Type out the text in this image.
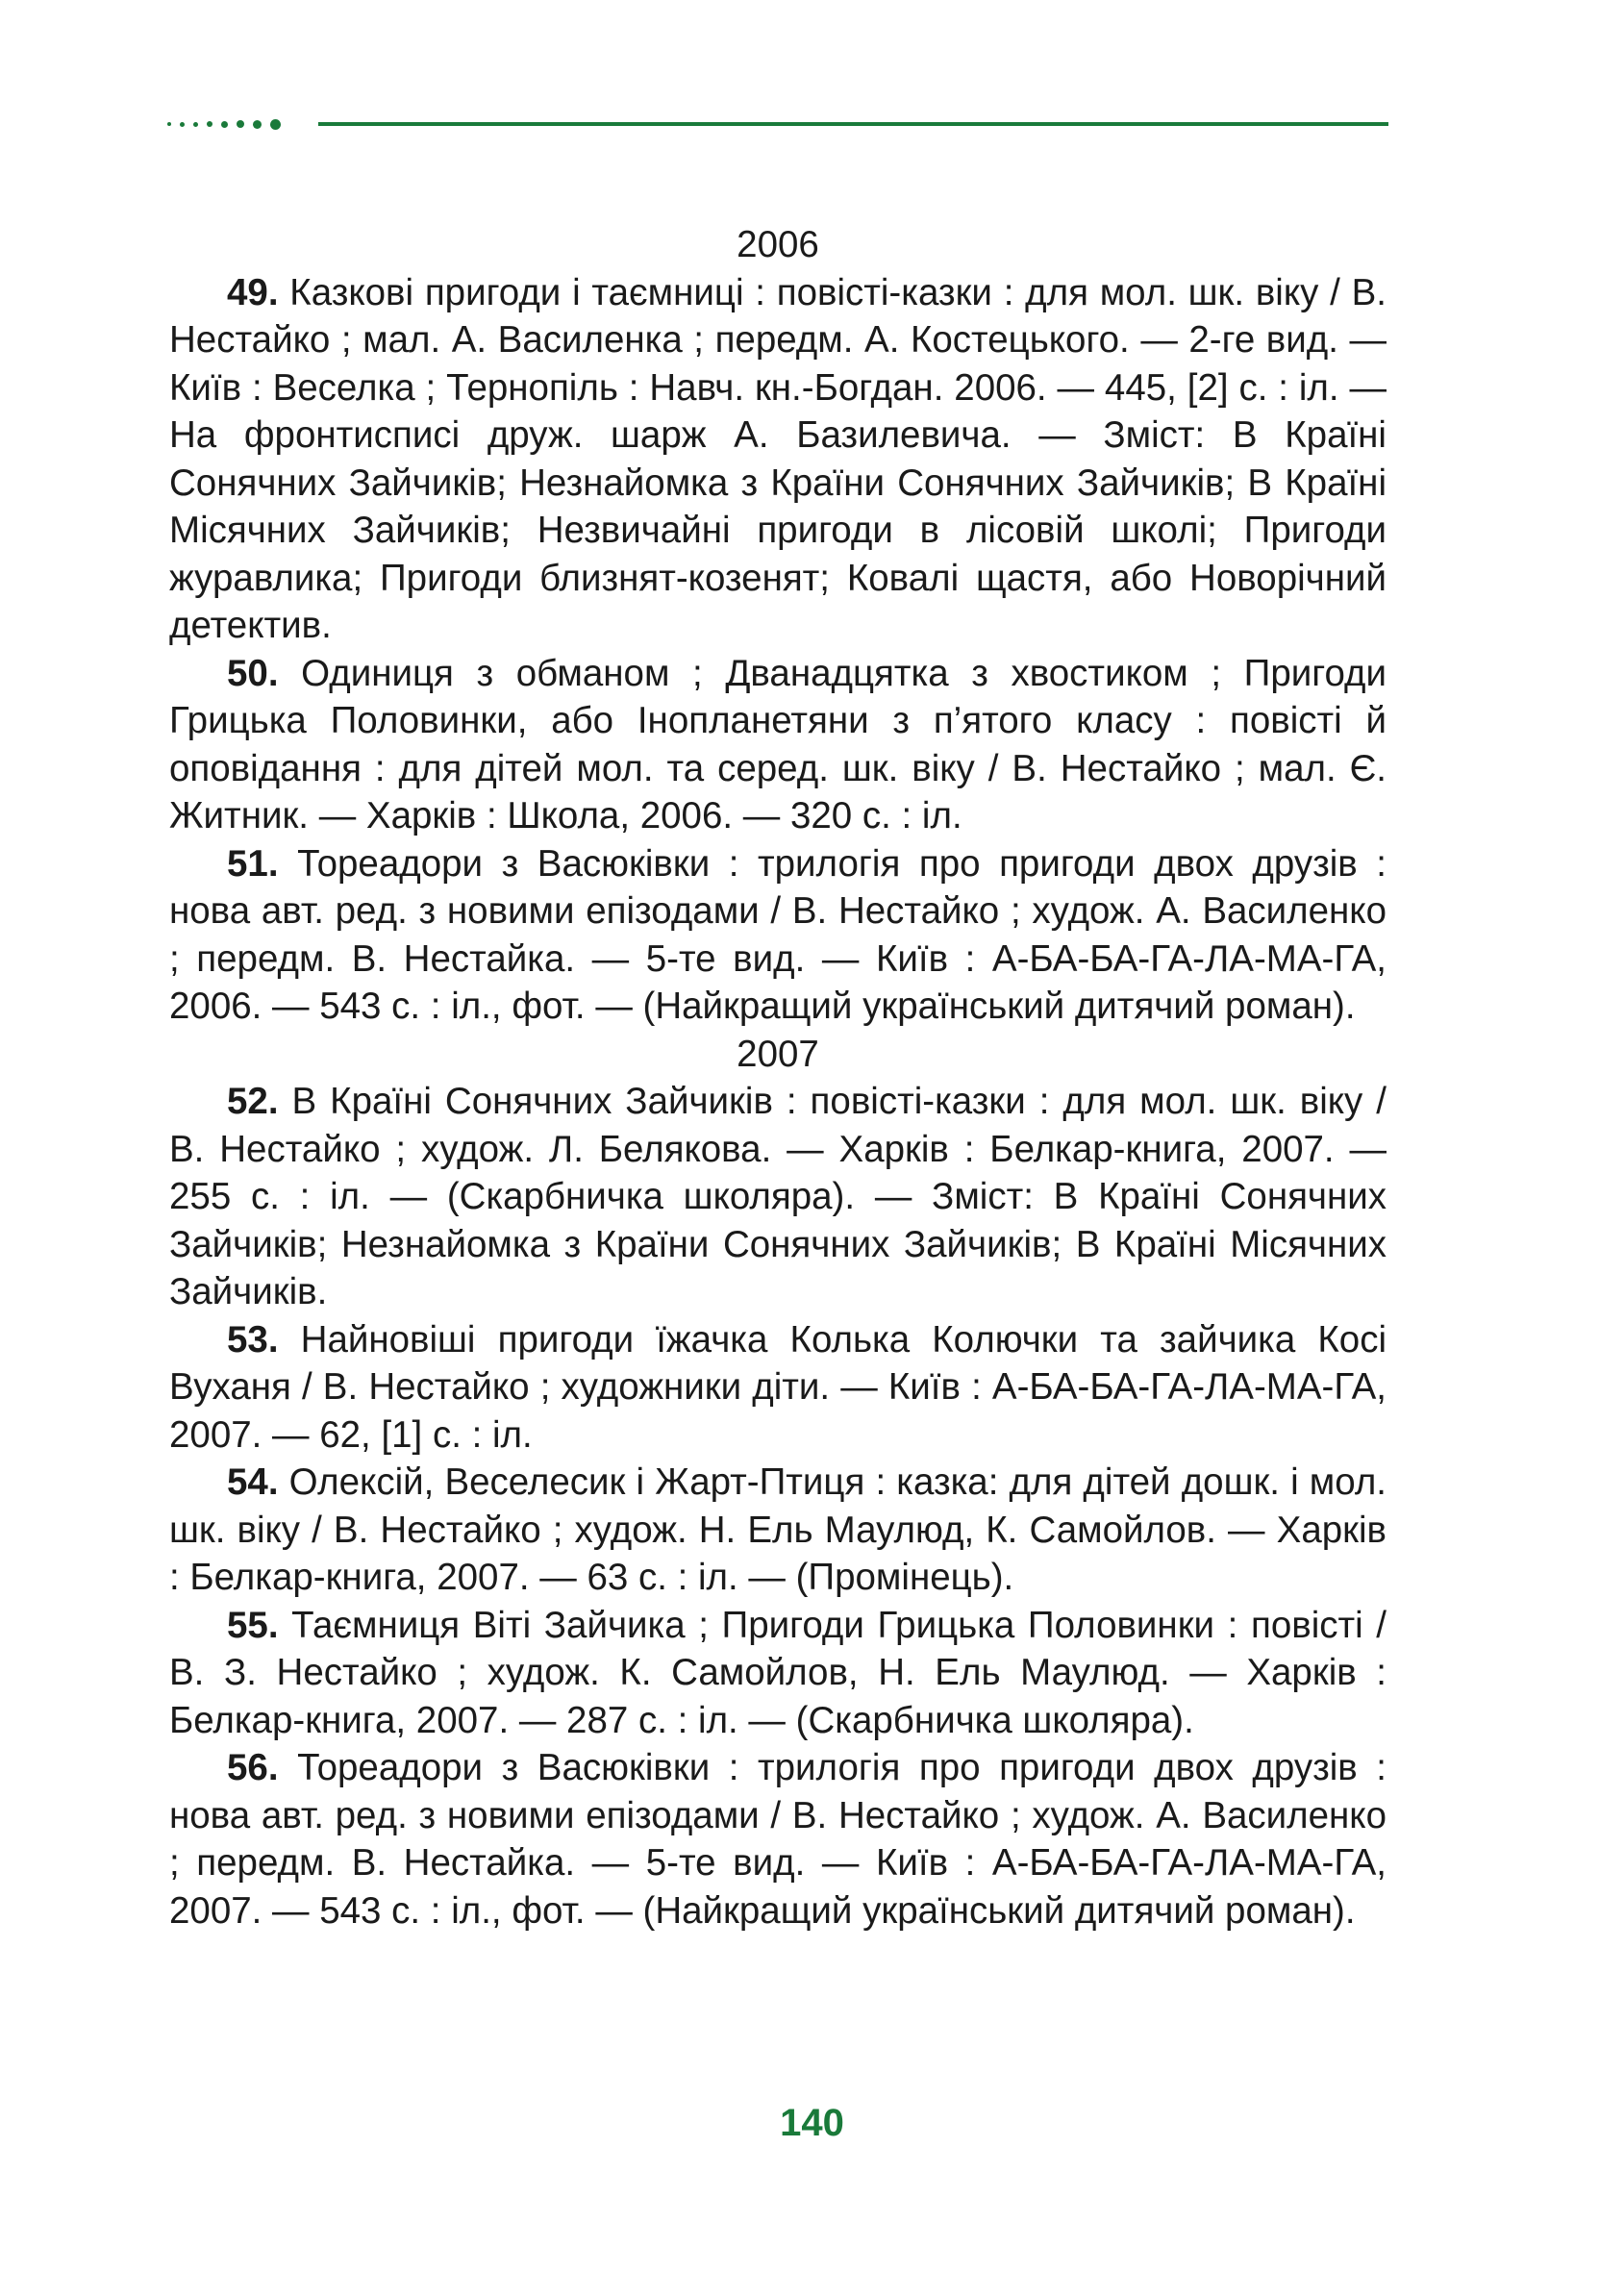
2006

49. Казкові пригоди і таємниці : повісті-казки : для мол. шк. віку / В. Нестайко ; мал. А. Василенка ; передм. А. Костецького. — 2-ге вид. — Київ : Веселка ; Тернопіль : Навч. кн.-Богдан. 2006. — 445, [2] с. : іл. — На фронтисписі друж. шарж А. Базилевича. — Зміст: В Країні Сонячних Зайчиків; Незнайомка з Країни Сонячних Зайчиків; В Країні Місячних Зайчиків; Незвичайні пригоди в лісовій школі; Пригоди журавлика; Пригоди близнят-козенят; Ковалі щастя, або Новорічний детектив.

50. Одиниця з обманом ; Дванадцятка з хвостиком ; Пригоди Грицька Половинки, або Інопланетяни з п’ятого класу : повісті й оповідання : для дітей мол. та серед. шк. віку / В. Нестайко ; мал. Є. Житник. — Харків : Школа, 2006. — 320 с. : іл.

51. Тореадори з Васюківки : трилогія про пригоди двох друзів : нова авт. ред. з новими епізодами / В. Нестайко ; худож. А. Василенко ; передм. В. Нестайка. — 5-те вид. — Київ : А-БА-БА-ГА-ЛА-МА-ГА, 2006. — 543 с. : іл., фот. — (Найкращий український дитячий роман).

2007

52. В Країні Сонячних Зайчиків : повісті-казки : для мол. шк. віку / В. Нестайко ; худож. Л. Белякова. — Харків : Белкар-книга, 2007. — 255 с. : іл. — (Скарбничка школяра). — Зміст: В Країні Сонячних Зайчиків; Незнайомка з Країни Сонячних Зайчиків; В Країні Місячних Зайчиків.

53. Найновіші пригоди їжачка Колька Колючки та зайчика Косі Вуханя / В. Нестайко ; художники діти. — Київ : А-БА-БА-ГА-ЛА-МА-ГА, 2007. — 62, [1] с. : іл.

54. Олексій, Веселесик і Жарт-Птиця : казка: для дітей дошк. і мол. шк. віку / В. Нестайко ; худож. Н. Ель Маулюд, К. Самойлов. — Харків : Белкар-книга, 2007. — 63 с. : іл. — (Промінець).

55. Таємниця Віті Зайчика ; Пригоди Грицька Половинки : повісті / В. З. Нестайко ; худож. К. Самойлов, Н. Ель Маулюд. — Харків : Белкар-книга, 2007. — 287 с. : іл. — (Скарбничка школяра).

56. Тореадори з Васюківки : трилогія про пригоди двох друзів : нова авт. ред. з новими епізодами / В. Нестайко ; худож. А. Василенко ; передм. В. Нестайка. — 5-те вид. — Київ : А-БА-БА-ГА-ЛА-МА-ГА, 2007. — 543 с. : іл., фот. — (Найкращий український дитячий роман).

140
